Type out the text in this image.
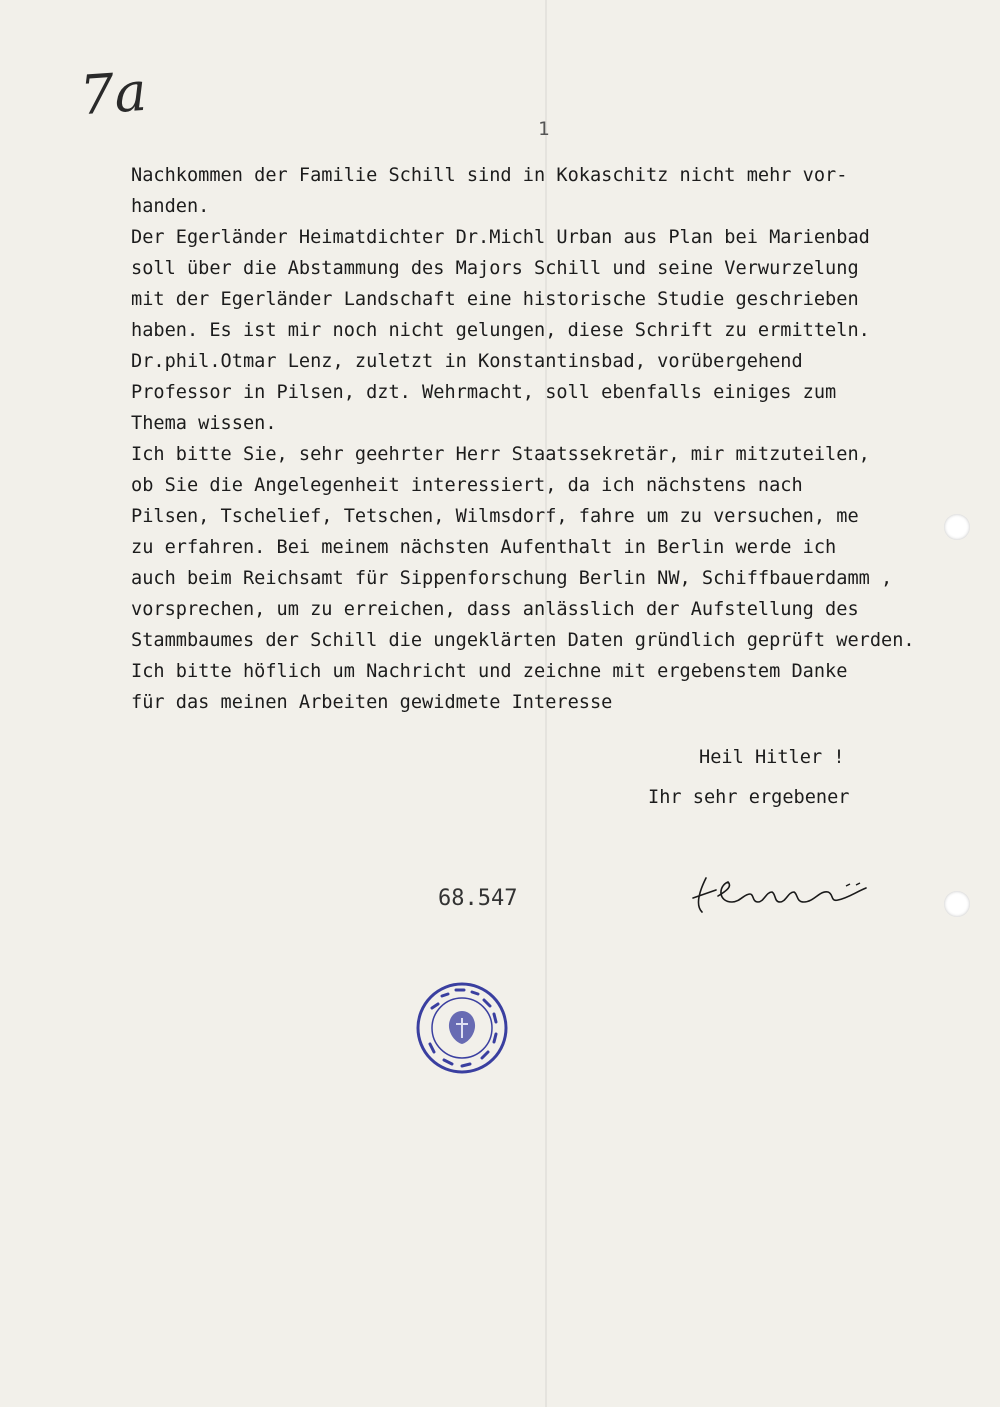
7a
1
Nachkommen der Familie Schill sind in Kokaschitz nicht mehr vor-
handen.
Der Egerländer Heimatdichter Dr.Michl Urban aus Plan bei Marienbad
soll über die Abstammung des Majors Schill und seine Verwurzelung
mit der Egerländer Landschaft eine historische Studie geschrieben
haben. Es ist mir noch nicht gelungen, diese Schrift zu ermitteln.
Dr.phil.Otmar Lenz, zuletzt in Konstantinsbad, vorübergehend
Professor in Pilsen, dzt. Wehrmacht, soll ebenfalls einiges zum
Thema wissen.
Ich bitte Sie, sehr geehrter Herr Staatssekretär, mir mitzuteilen,
ob Sie die Angelegenheit interessiert, da ich nächstens nach
Pilsen, Tschelief, Tetschen, Wilmsdorf, fahre um zu versuchen, me
zu erfahren. Bei meinem nächsten Aufenthalt in Berlin werde ich
auch beim Reichsamt für Sippenforschung Berlin NW, Schiffbauerdamm ,
vorsprechen, um zu erreichen, dass anlässlich der Aufstellung des
Stammbaumes der Schill die ungeklärten Daten gründlich geprüft werden.
Ich bitte höflich um Nachricht und zeichne mit ergebenstem Danke
für das meinen Arbeiten gewidmete Interesse
Heil Hitler !
Ihr sehr ergebener
68.547
